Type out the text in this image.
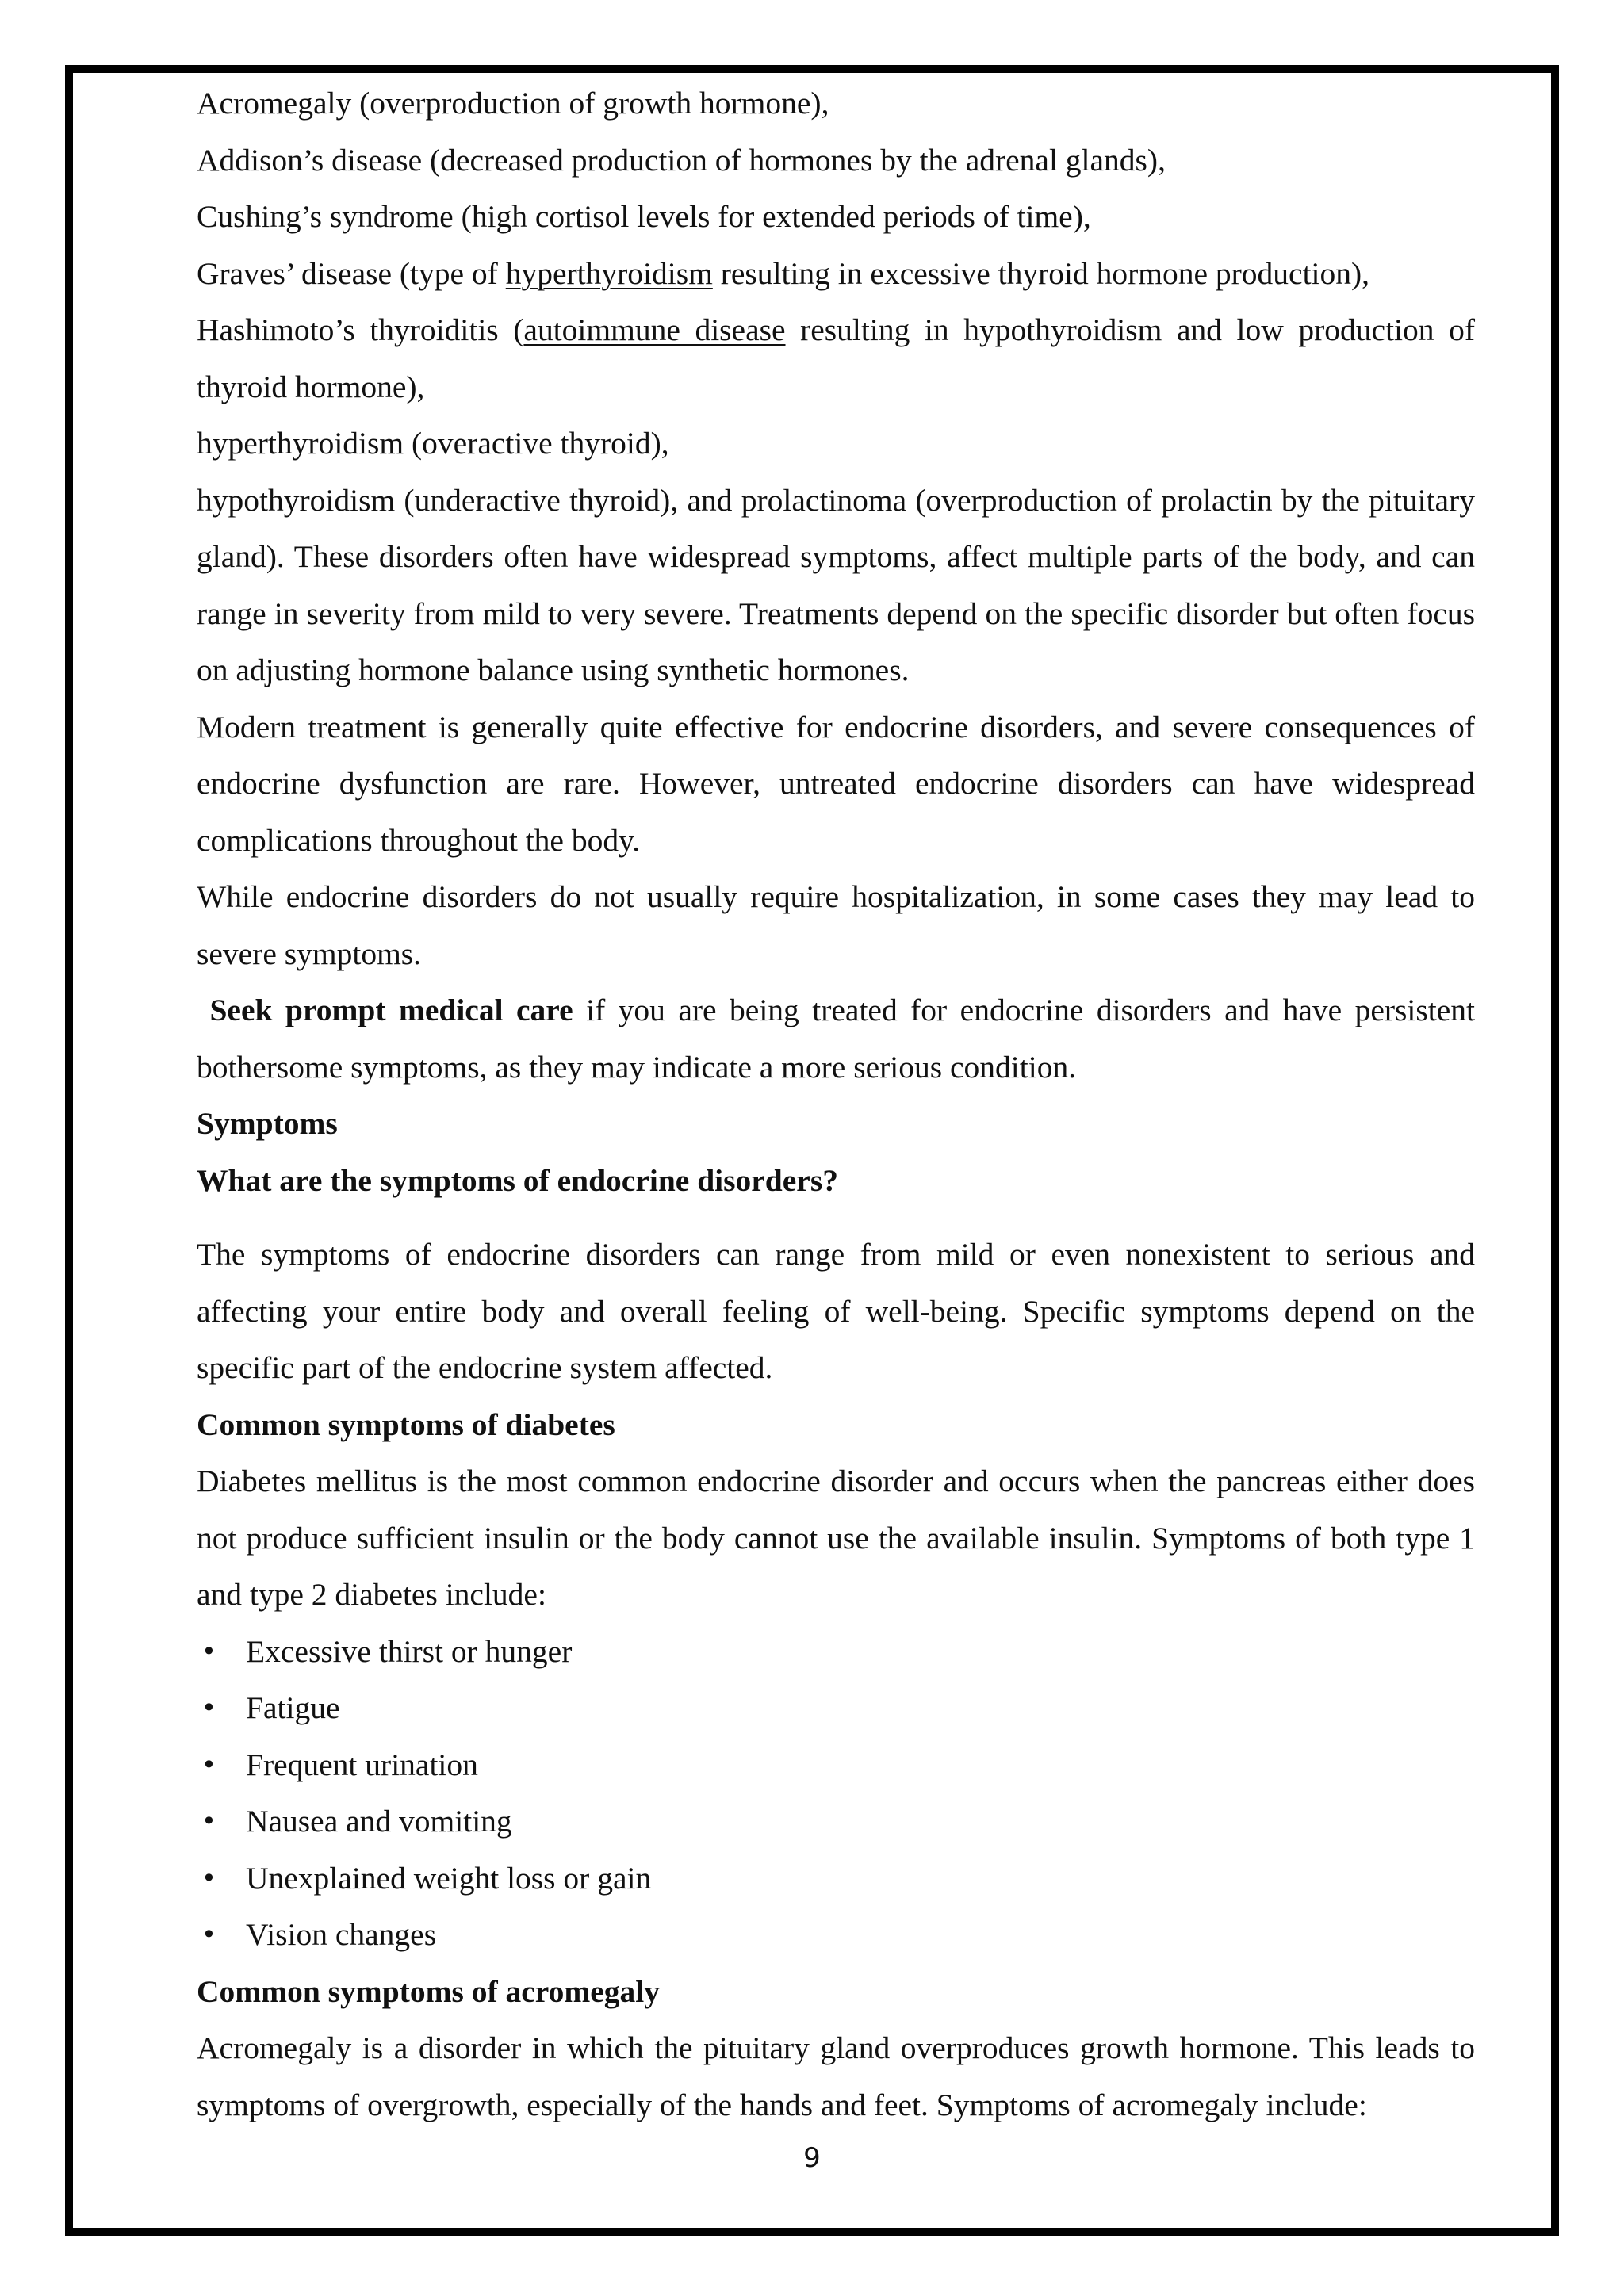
Acromegaly (overproduction of growth hormone),

Addison’s disease (decreased production of hormones by the adrenal glands),

Cushing’s syndrome (high cortisol levels for extended periods of time),

Graves’ disease (type of hyperthyroidism resulting in excessive thyroid hormone production),

Hashimoto’s thyroiditis (autoimmune disease resulting in hypothyroidism and low production of thyroid hormone),

hyperthyroidism (overactive thyroid),

hypothyroidism (underactive thyroid), and prolactinoma (overproduction of prolactin by the pituitary gland). These disorders often have widespread symptoms, affect multiple parts of the body, and can range in severity from mild to very severe. Treatments depend on the specific disorder but often focus on adjusting hormone balance using synthetic hormones.

Modern treatment is generally quite effective for endocrine disorders, and severe consequences of endocrine dysfunction are rare. However, untreated endocrine disorders can have widespread complications throughout the body.

While endocrine disorders do not usually require hospitalization, in some cases they may lead to severe symptoms.

Seek prompt medical care if you are being treated for endocrine disorders and have persistent bothersome symptoms, as they may indicate a more serious condition.

Symptoms

What are the symptoms of endocrine disorders?

The symptoms of endocrine disorders can range from mild or even nonexistent to serious and affecting your entire body and overall feeling of well-being. Specific symptoms depend on the specific part of the endocrine system affected.

Common symptoms of diabetes

Diabetes mellitus is the most common endocrine disorder and occurs when the pancreas either does not produce sufficient insulin or the body cannot use the available insulin. Symptoms of both type 1 and type 2 diabetes include:

• Excessive thirst or hunger
• Fatigue
• Frequent urination
• Nausea and vomiting
• Unexplained weight loss or gain
• Vision changes

Common symptoms of acromegaly

Acromegaly is a disorder in which the pituitary gland overproduces growth hormone. This leads to symptoms of overgrowth, especially of the hands and feet. Symptoms of acromegaly include:

9
